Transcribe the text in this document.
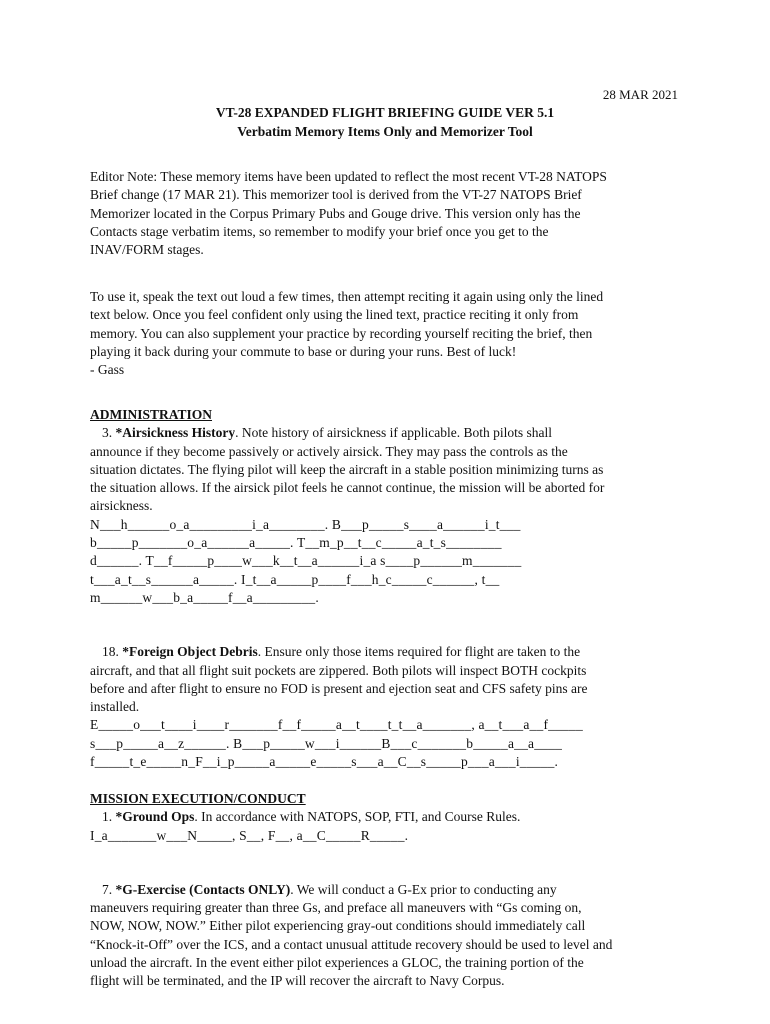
28 MAR 2021
VT-28 EXPANDED FLIGHT BRIEFING GUIDE VER 5.1
Verbatim Memory Items Only and Memorizer Tool

Editor Note: These memory items have been updated to reflect the most recent VT-28 NATOPS

Brief change (17 MAR 21). This memorizer tool is derived from the VT-27 NATOPS Brief

Memorizer located in the Corpus Primary Pubs and Gouge drive. This version only has the

Contacts stage verbatim items, so remember to modify your brief once you get to the

INAV/FORM stages.

To use it, speak the text out loud a few times, then attempt reciting it again using only the lined

text below. Once you feel confident only using the lined text, practice reciting it only from

memory. You can also supplement your practice by recording yourself reciting the brief, then

playing it back during your commute to base or during your runs. Best of luck!

- Gass

ADMINISTRATION

3. *Airsickness History. Note history of airsickness if applicable. Both pilots shall

announce if they become passively or actively airsick. They may pass the controls as the

situation dictates. The flying pilot will keep the aircraft in a stable position minimizing turns as

the situation allows. If the airsick pilot feels he cannot continue, the mission will be aborted for

airsickness.

N___h______o_a_________i_a________. B___p_____s____a______i_t___

b_____p_______o_a______a_____. T__m_p__t__c_____a_t_s________

d______. T__f_____p____w___k__t__a______i_a s____p______m_______

t___a_t__s______a_____. I_t__a_____p____f___h_c_____c______, t__

m______w___b_a_____f__a_________.

18. *Foreign Object Debris. Ensure only those items required for flight are taken to the

aircraft, and that all flight suit pockets are zippered. Both pilots will inspect BOTH cockpits

before and after flight to ensure no FOD is present and ejection seat and CFS safety pins are

installed.

E_____o___t____i____r_______f__f_____a__t____t_t__a_______, a__t___a__f_____

s___p_____a__z______. B___p_____w___i______B___c_______b_____a__a____

f_____t_e_____n_F__i_p_____a_____e_____s___a__C__s_____p___a___i_____.

MISSION EXECUTION/CONDUCT

1. *Ground Ops. In accordance with NATOPS, SOP, FTI, and Course Rules.

I_a_______w___N_____, S__, F__, a__C_____R_____.

7. *G-Exercise (Contacts ONLY). We will conduct a G-Ex prior to conducting any

maneuvers requiring greater than three Gs, and preface all maneuvers with “Gs coming on,

NOW, NOW, NOW.” Either pilot experiencing gray-out conditions should immediately call

“Knock-it-Off” over the ICS, and a contact unusual attitude recovery should be used to level and

unload the aircraft. In the event either pilot experiences a GLOC, the training portion of the

flight will be terminated, and the IP will recover the aircraft to Navy Corpus.
